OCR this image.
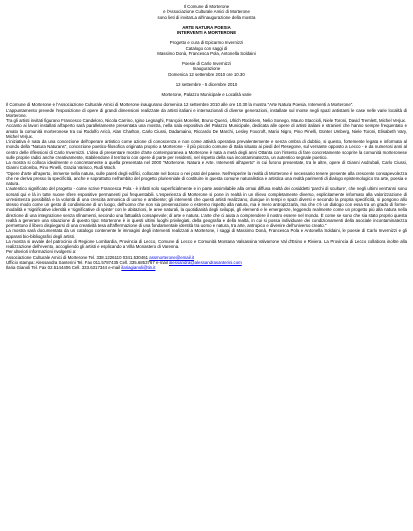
Il Comune di Morterone
e l'Associazione Culturale Amici di Morterone
sono lieti di invitarLa all'inaugurazione della mostra
ARTE NATURA POESIA
INTERVENTI A MORTERONE
Progetto e cura di Epicarmo Invernizzi
Catalogo con saggi di
Massimo Donà, Francesca Pola, Antonella Soldaini
Poesie di Carlo Invernizzi
Inaugurazione
Domenica 12 settembre 2010 ore 10.30
12 settembre - 5 dicembre 2010
Morterone, Palazzo Municipale e Località varie

Il Comune di Morterone e l'Associazione Culturale Amici di Morterone inaugurano domenica 12 settembre 2010 alle ore 10.30 la mostra "Arte Natura Poesia. Interventi a Morterone".

L'appuntamento prevede l'esposizione di opere di grandi dimensioni realizzate da artisti italiani e internazionali di diverse generazioni, installate sul monte negli spazi antistanti le case nelle varie località di Morterone.

Tra gli artisti invitati figurano Francesco Candeloro, Nicola Carrino, Igino Legnaghi, François Morellet, Bruno Querci, Ulrich Rückriem, Nelio Sonego, Mauro Staccioli, Niele Toroni, David Tremlett, Michel Verjux.

Accanto ai lavori installati all'aperto sarà parallelamente presentata una mostra, nella sala espositiva del Palazzo Municipale, dedicata alle opere di artisti italiani e stranieri che hanno sempre frequentato e amato la comunità morteronese tra cui Rodolfo Aricò, Alan Charlton, Carlo Ciussi, Dadamaino, Riccardo De Marchi, Lesley Foxcroft, Mario Nigro, Pino Pinelli, Günter Umberg, Niele Toroni, Elisabeth Vary, Michel Verjux.

L'iniziativa è nata da una concezione dell'operare artistico come azione di conoscenza e non come attività operativa prevalentemente e senza ombra di dubbio, si questo, fortemente legata e informata al mondo della "Natura Naturans", concezione poetico-filosofica originata proprio a Morterone - il più piccolo comune di Italia situato ai piedi del Resegone, sul versante opposto a Lecco - e da numerosi anni al centro delle riflessioni di Carlo Invernizzi. L'idea di presentare mostre d'arte contemporanea a Morterone è nata a metà degli anni Ottanta con l'intento di fare concretamente scoprire la comunità morteronese sulle proprie radici anche creativamente, stabilendone il territorio con opere di parte per residenti, nel rispetto della sua incontaminatezza, un autentico segnale poetico.

La mostra si colloca idealmente e concretamente a quella presentata nel 2000 "Morterone. Natura e Arte. Interventi all'aperto" in cui furono presentate, tra le altre, opere di Gianni Asdrubali, Carlo Ciussi, Gianni Colombo, Pino Pinelli, Grazia Varisco, Rudi Wach.

"Opere d'arte all'aperto, immerse nella natura, sulle pareti degli edifici, collocate nel bosco o nei prati del paese. Nell'esperire la realtà di Morterone è necessario tenere presente alla crescente consapevolezza che ne deriva presso la specificità, anche e soprattutto nell'ambito del progetto plurienniale di costituire in questa comune naturalistica e artistica una realtà parimenti di dialogo epistemologico tra arte, poesia e natura.

L'autentico significato del progetto - come scrive Francesca Pola - è infatti solo superficialmente e in parte assimilabile alla ormai diffusa realtà dei cosiddetti 'parchi di sculture', che negli ultimi vent'anni sono sorsati qui e là in tutte nuove sfere espositive permanenti poi frequentabili. L'esperienza di Morterone si pone in realtà in un rilievo completamente diverso, esplicitamente informato alla valorizzazione di un'esistenza possibilità e la volontà di una crescita armonica di uomo e ambiente; gli interventi che questi artisti realizzano, dunque in tempi e spazi diversi e secondo la propria specificità, si pongono allo stesso modo come un gesto di condivisione di un luogo, dell'uomo che non sia preservazione o estremo rispetto alla natura, ma è mero antropizzarla, ma che c'è un dialogo con essa tra un grado di forme-modalità e 'significative identità e 'significative di spinte' con le abitazioni, le aree naturali, la quotidianità degli sviluppi, gli elementi e le emergenze, leggendo realmente come un progetto più alla natura nella direzione di una integrazione senza sfinamenti, secondo una fattualità consapevole; di arte e natura. L'arte che ci aiuta a comprendere il nostro essere nel mondo. È come se sono che sia stato proprio questa realtà a generare una situazione di questo tipo: Morterone è in questi ultimi luoghi privilegiati, della geografia e della realtà, in cui si possa individuare dei condizionamenti della asociale incontaminatezza permettono il libero dispiegarsi di una creatività tesa all'affermazione di una fondamentale identità tra uomo e natura, tra arte, antropico e divenire dell'universo creato."

La mostra sarà documentata da un catalogo contenente le immagini degli interventi realizzati a Morterone, i saggi di Massimo Donà, Francesca Pola e Antonella Soldaini, le poesie di Carlo Invernizzi e gli apparati bio-bibliografici degli artisti.

La mostra si avvale del patrocinio di Regione Lombardia, Provincia di Lecco, Comune di Lecco e Comunità Montana Valsassina Valvarrone Val d'Esino e Riviera. La Provincia di Lecco collabora inoltre alla realizzazione dell'evento, accogliendo gli artisti e esplicando a Villa Monastero di Varenna.

Per ulteriori informazioni rivolgersi a:

Associazione Culturale Amici di Morterone Tel. 338.1226110 0341.530461 assmorterone@email.it
Ufficio stampa: Alessandra Santerini Tel. Fax 011.5787435 Cell. 335.6853767 e-mail alessandra@alessandrasanterini.com
Ilaria Gianoli Tel. Fax 02.5144406 Cell. 333.6317344 e-mail ilariagianoli@tin.it
